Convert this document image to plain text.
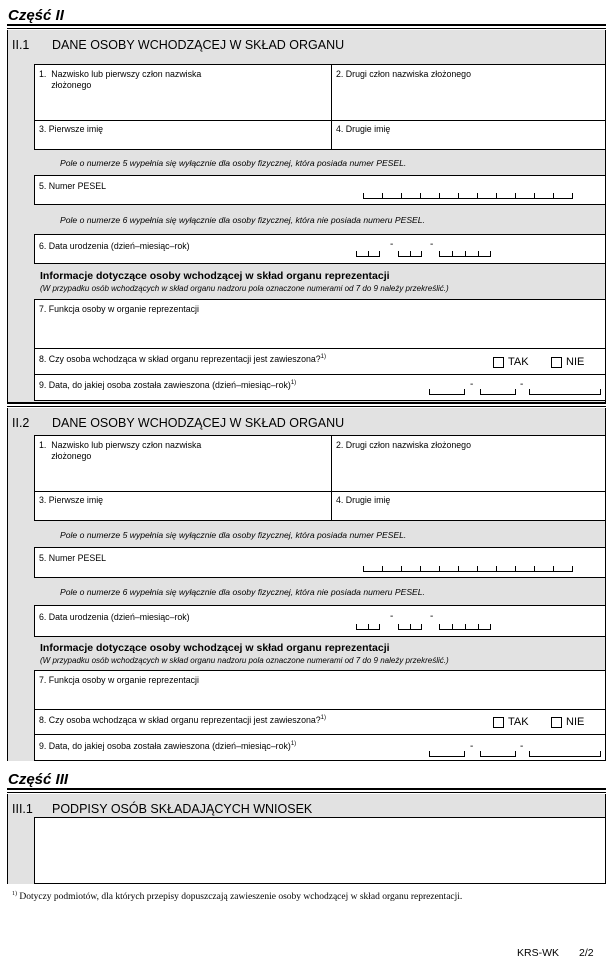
Część II
II.1 DANE OSOBY WCHODZĄCEJ W SKŁAD ORGANU
1.  Nazwisko lub pierwszy człon nazwiska
złożonego
2. Drugi człon nazwiska złożonego
3. Pierwsze imię	4. Drugie imię
Pole o numerze 5 wypełnia się wyłącznie dla osoby fizycznej, która posiada numer PESEL.
5. Numer PESEL
Pole o numerze 6 wypełnia się wyłącznie dla osoby fizycznej, która nie posiada numeru PESEL.
6. Data urodzenia (dzień–miesiąc–rok)	-	-
Informacje dotyczące osoby wchodzącej w skład organu reprezentacji
(W przypadku osób wchodzących w skład organu nadzoru pola oznaczone numerami od 7 do 9 należy przekreślić.)
7. Funkcja osoby w organie reprezentacji
8. Czy osoba wchodząca w skład organu reprezentacji jest zawieszona?$^{1)}$	TAK	NIE
9. Data, do jakiej osoba została zawieszona (dzień–miesiąc–rok)$^{1)}$	-	-
II.2 DANE OSOBY WCHODZĄCEJ W SKŁAD ORGANU
1.  Nazwisko lub pierwszy człon nazwiska
złożonego
2. Drugi człon nazwiska złożonego
3. Pierwsze imię	4. Drugie imię
Pole o numerze 5 wypełnia się wyłącznie dla osoby fizycznej, która posiada numer PESEL.
5. Numer PESEL
Pole o numerze 6 wypełnia się wyłącznie dla osoby fizycznej, która nie posiada numeru PESEL.
6. Data urodzenia (dzień–miesiąc–rok)	-	-
Informacje dotyczące osoby wchodzącej w skład organu reprezentacji
(W przypadku osób wchodzących w skład organu nadzoru pola oznaczone numerami od 7 do 9 należy przekreślić.)
7. Funkcja osoby w organie reprezentacji
8. Czy osoba wchodząca w skład organu reprezentacji jest zawieszona?$^{1)}$	TAK	NIE
9. Data, do jakiej osoba została zawieszona (dzień–miesiąc–rok)$^{1)}$	-	-
Część III
III.1 PODPISY OSÓB SKŁADAJĄCYCH WNIOSEK
$^{1)}$ Dotyczy podmiotów, dla których przepisy dopuszczają zawieszenie osoby wchodzącej w skład organu reprezentacji.
KRS-WK 2/2
